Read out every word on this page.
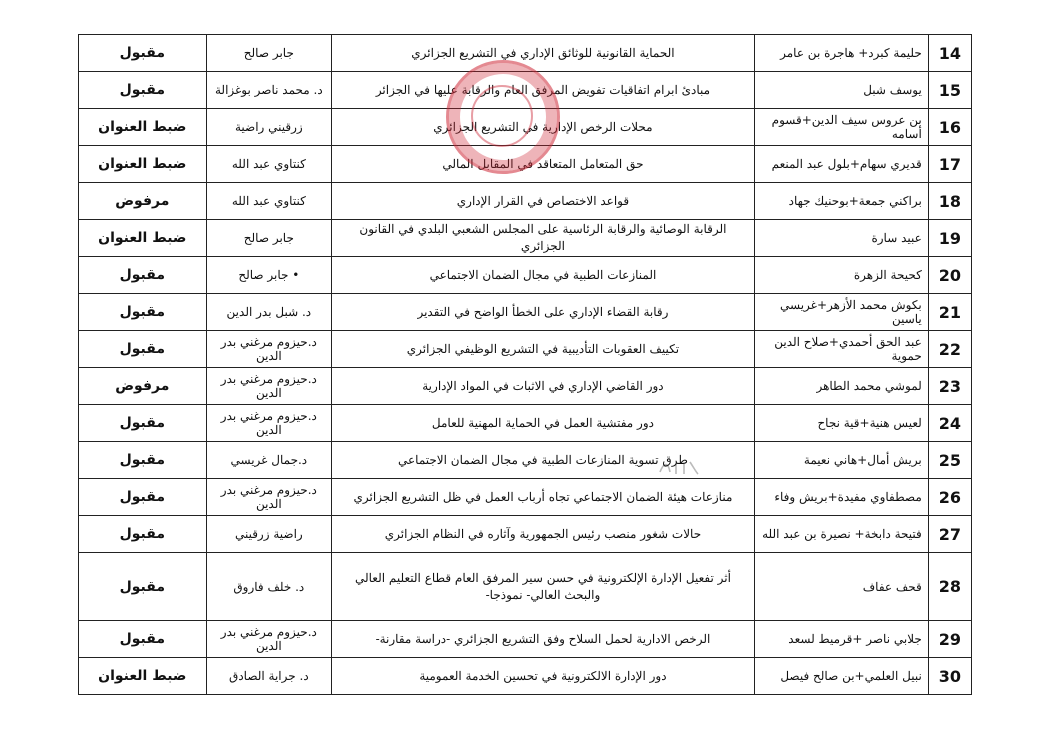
14	حليمة كبرد+ هاجرة بن عامر	الحماية القانونية للوثائق الإداري في التشريع الجزائري	جابر صالح	مقبول
15	يوسف شبل	مبادئ ابرام اتفاقيات تفويض المرفق العام والرقابة عليها في الجزائر	د. محمد ناصر بوغزالة	مقبول
16	بن عروس سيف الدين+قسوم أسامه	محلات الرخص الإدارية في التشريع الجزائري	زرقيني راضية	ضبط العنوان
17	قديري سهام+بلول عبد المنعم	حق المتعامل المتعاقد في المقابل المالي	كنتاوي عبد الله	ضبط العنوان
18	براكني جمعة+بوحنيك جهاد	قواعد الاختصاص في القرار الإداري	كنتاوي عبد الله	مرفوض
19	عبيد سارة	الرقابة الوصائية والرقابة الرئاسية على المجلس الشعبي البلدي في القانون الجزائري	جابر صالح	ضبط العنوان
20	كحيحة الزهرة	المنازعات الطبية في مجال الضمان الاجتماعي	• جابر صالح	مقبول
21	بكوش محمد الأزهر+غريسي ياسين	رقابة القضاء الإداري على الخطأ الواضح في التقدير	د. شبل بدر الدين	مقبول
22	عبد الحق أحمدي+صلاح الدين حموية	تكييف العقوبات التأديبية في التشريع الوظيفي الجزائري	د.حيزوم مرغني بدر الدين	مقبول
23	لموشي محمد الطاهر	دور القاضي الإداري في الاثبات في المواد الإدارية	د.حيزوم مرغني بدر الدين	مرفوض
24	لعيس هنية+قية نجاح	دور مفتشية العمل في الحماية المهنية للعامل	د.حيزوم مرغني بدر الدين	مقبول
25	بريش أمال+هاني نعيمة	طرق تسوية المنازعات الطبية في مجال الضمان الاجتماعي	د.جمال غريسي	مقبول
26	مصطفاوي مفيدة+بريش وفاء	منازعات هيئة الضمان الاجتماعي تجاه أرباب العمل في ظل التشريع الجزائري	د.حيزوم مرغني بدر الدين	مقبول
27	فتيحة دابخة+ نصيرة بن عبد الله	حالات شغور منصب رئيس الجمهورية وآثاره في النظام الجزائري	راضية زرقيني	مقبول
28	قحف عفاف	أثر تفعيل الإدارة الإلكترونية في حسن سير المرفق العام قطاع التعليم العالي والبحث العالي- نموذجا-	د. خلف فاروق	مقبول
29	جلابي ناصر +قرميط لسعد	الرخص الادارية لحمل السلاح وفق التشريع الجزائري -دراسة مقارنة-	د.حيزوم مرغني بدر الدين	مقبول
30	نبيل العلمي+بن صالح فيصل	دور الإدارة الالكترونية في تحسين الخدمة العمومية	د. جراية الصادق	ضبط العنوان
